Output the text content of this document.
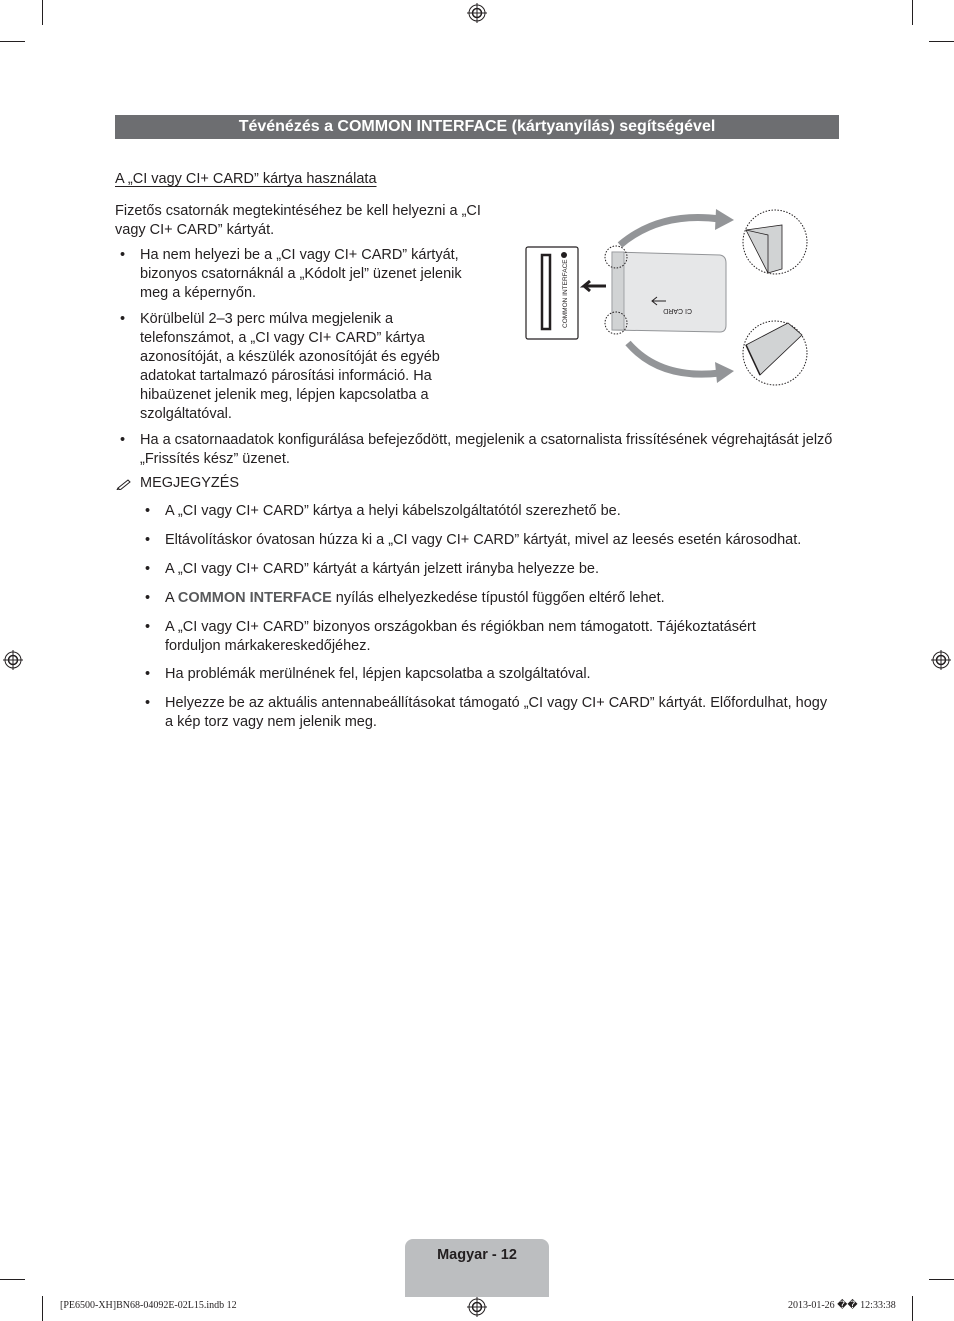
Tévénézés a COMMON INTERFACE (kártyanyílás) segítségével
A „CI vagy CI+ CARD” kártya használata

Fizetős csatornák megtekintéséhez be kell helyezni a „CI vagy CI+ CARD” kártyát.

• Ha nem helyezi be a „CI vagy CI+ CARD” kártyát, bizonyos csatornáknál a „Kódolt jel” üzenet jelenik meg a képernyőn.
• Körülbelül 2–3 perc múlva megjelenik a telefonszámot, a „CI vagy CI+ CARD” kártya azonosítóját, a készülék azonosítóját és egyéb adatokat tartalmazó párosítási információ. Ha hibaüzenet jelenik meg, lépjen kapcsolatba a szolgáltatóval.
• Ha a csatornaadatok konfigurálása befejeződött, megjelenik a csatornalista frissítésének végrehajtását jelző „Frissítés kész” üzenet.
COMMON INTERFACE	CI CARD
MEGJEGYZÉS
• A „CI vagy CI+ CARD” kártya a helyi kábelszolgáltatótól szerezhető be.
• Eltávolításkor óvatosan húzza ki a „CI vagy CI+ CARD” kártyát, mivel az leesés esetén károsodhat.
• A „CI vagy CI+ CARD” kártyát a kártyán jelzett irányba helyezze be.
• A COMMON INTERFACE nyílás elhelyezkedése típustól függően eltérő lehet.
• A „CI vagy CI+ CARD” bizonyos országokban és régiókban nem támogatott. Tájékoztatásért forduljon márkakereskedőjéhez.
• Ha problémák merülnének fel, lépjen kapcsolatba a szolgáltatóval.
• Helyezze be az aktuális antennabeállításokat támogató „CI vagy CI+ CARD” kártyát. Előfordulhat, hogy a kép torz vagy nem jelenik meg.
Magyar - 12
[PE6500-XH]BN68-04092E-02L15.indb 12	2013-01-26 �� 12:33:38
